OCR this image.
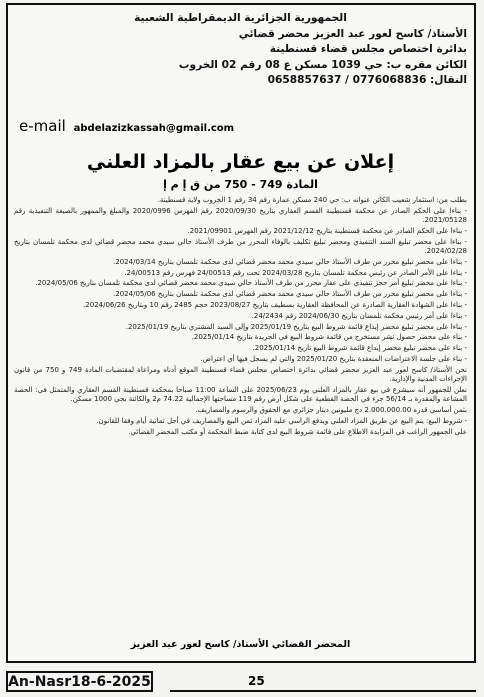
الجمهورية الجزائرية الديمقراطية الشعبية
الأستاذ/ كاسح لعور عبد العزيز محضر قضائي
بدائرة اختصاص مجلس قضاء قسنطينة
الكائن مقره ب: حي 1039 مسكن ع 08 رقم 02 الخروب
النقال: 0776068836 / 0658857637
e-mail abdelazizkassah@gmail.com
إعلان عن بيع عقار بالمزاد العلني
المادة 749 - 750 من ق إ م إ

بطلب من: استثمار شعيب الكائن عنوانه ب: حي 240 مسكن عمارة رقم 34 رقم 1 الخروب ولاية قسنطينة.

- بناءا على الحكم الصادر عن محكمة قسنطينة القسم العقاري بتاريخ 2020/09/30 رقم الفهرس 2020/0996 والمبلغ والممهور بالصيغة التنفيذية رقم 2021/05128.

- بناءا على الحكم الصادر عن محكمة قسنطينة بتاريخ 2021/12/12 رقم الفهرس 2021/09901.

- بناءا على محضر تبليغ السند التنفيذي ومحضر تبليغ تكليف بالوفاء المحرر من طرف الأستاذ حالي سيدي محمد محضر قضائي لدى محكمة تلمسان بتاريخ 2024/02/28.

- بناءا على محضر تبليغ محرر من طرف الأستاذ حالي سيدي محمد محضر قضائي لدى محكمة تلمسان بتاريخ 2024/03/14.

- بناءا على الأمر الصادر عن رئيس محكمة تلمسان بتاريخ 2024/03/28 تحت رقم 24/00513 فهرس رقم 24/00513.

- بناءا على محضر تبليغ أمر حجز تنفيذي على عقار محرر من طرف الأستاذ حالي سيدي محمد محضر قضائي لدى محكمة تلمسان بتاريخ 2024/05/06.

- بناءا على محضر تبليغ محرر من طرف الأستاذ حالي سيدي محمد محضر قضائي لدى محكمة تلمسان بتاريخ 2024/05/06.

- بناءا على الشهادة العقارية الصادرة عن المحافظة العقارية بسطيف بتاريخ 2023/08/27 حجم 2485 رقم 10 وبتاريخ 2024/06/26.

- بناءا على أمر رئيس محكمة تلمسان بتاريخ 2024/06/30 رقم 24/2434.

- بناءا على محضر تبليغ محضر إيداع قائمة شروط البيع بتاريخ 2025/01/19 وإلى السيد المشتري بتاريخ 2025/01/19.

- بناء على محضر حصول نشر مستخرج من قائمة شروط البيع في الجريدة بتاريخ 2025/01/14.

- بناء على محضر تبليغ محضر إيداع قائمة شروط البيع تاريخ 2025/01/14.

- بناء على جلسة الاعتراضات المنعقدة بتاريخ 2025/01/20 والتي لم يسجل فيها أي اعتراض.

نحن الأستاذ/ كاسح لعور عبد العزيز محضر قضائي بدائرة اختصاص مجلس قضاء قسنطينة الموقع أدناه ومراعاة لمقتضيات المادة 749 و 750 من قانون الإجراءات المدنية والإدارية.

نعلن للجمهور أنه سيشرع في بيع عقار بالمزاد العلني يوم 2025/06/23 على الساعة 11:00 صباحا بمحكمة قسنطينة القسم العقاري والمتمثل في: الحصة المشاعة والمقدرة بـ 56/14 جزء في الحصة القطعية على شكل أرض رقم 119 مساحتها الإجمالية 74.22 م2 والكائنة بحي 1000 مسكن.

بثمن أساسي قدره 2.000.000.00 دج مليونين دينار جزائري مع الحقوق والرسوم والمصاريف.

- شروط البيع: يتم البيع عن طريق المزاد العلني ويدفع الراسي عليه المزاد ثمن البيع والمصاريف في أجل ثمانية أيام وفقا للقانون.

على الجمهور الراغب في المزايدة الاطلاع على قائمة شروط البيع لدى كتابة ضبط المحكمة أو مكتب المحضر القضائي.

المحضر القضائي الأستاذ/ كاسح لعور عبد العزيز
An-Nasr18-6-2025	25
